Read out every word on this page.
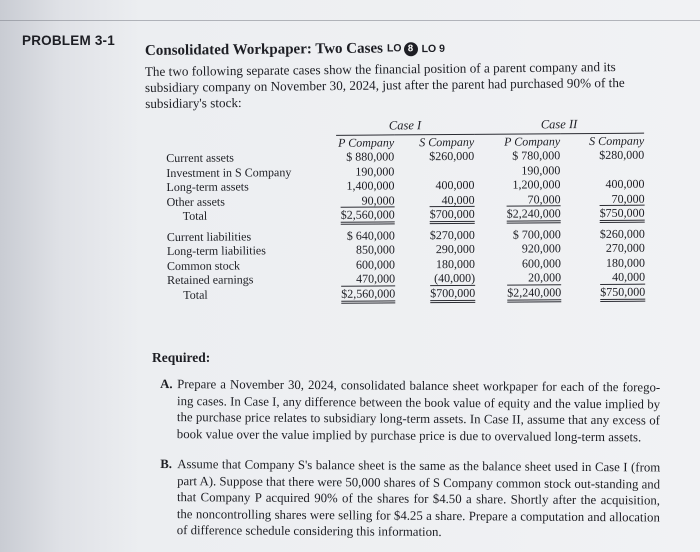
PROBLEM 3-1
Consolidated Workpaper: Two Cases LO 8 LO 9
The two following separate cases show the financial position of a parent company and its subsidiary company on November 30, 2024, just after the parent had purchased 90% of the subsidiary's stock:
	Case I		Case II	
	P Company	S Company	P Company	S Company
Current assets	$ 880,000	$260,000	$ 780,000	$280,000
Investment in S Company	190,000		190,000	
Long-term assets	1,400,000	400,000	1,200,000	400,000
Other assets	90,000	40,000	70,000	70,000
Total	$2,560,000	$700,000	$2,240,000	$750,000

Current liabilities	$ 640,000	$270,000	$ 700,000	$260,000
Long-term liabilities	850,000	290,000	920,000	270,000
Common stock	600,000	180,000	600,000	180,000
Retained earnings	470,000	(40,000)	20,000	40,000
Total	$2,560,000	$700,000	$2,240,000	$750,000
Required:
A. Prepare a November 30, 2024, consolidated balance sheet workpaper for each of the forego-ing cases. In Case I, any difference between the book value of equity and the value implied by the purchase price relates to subsidiary long-term assets. In Case II, assume that any excess of book value over the value implied by purchase price is due to overvalued long-term assets.
B. Assume that Company S's balance sheet is the same as the balance sheet used in Case I (from part A). Suppose that there were 50,000 shares of S Company common stock out-standing and that Company P acquired 90% of the shares for $4.50 a share. Shortly after the acquisition, the noncontrolling shares were selling for $4.25 a share. Prepare a computation and allocation of difference schedule considering this information.
